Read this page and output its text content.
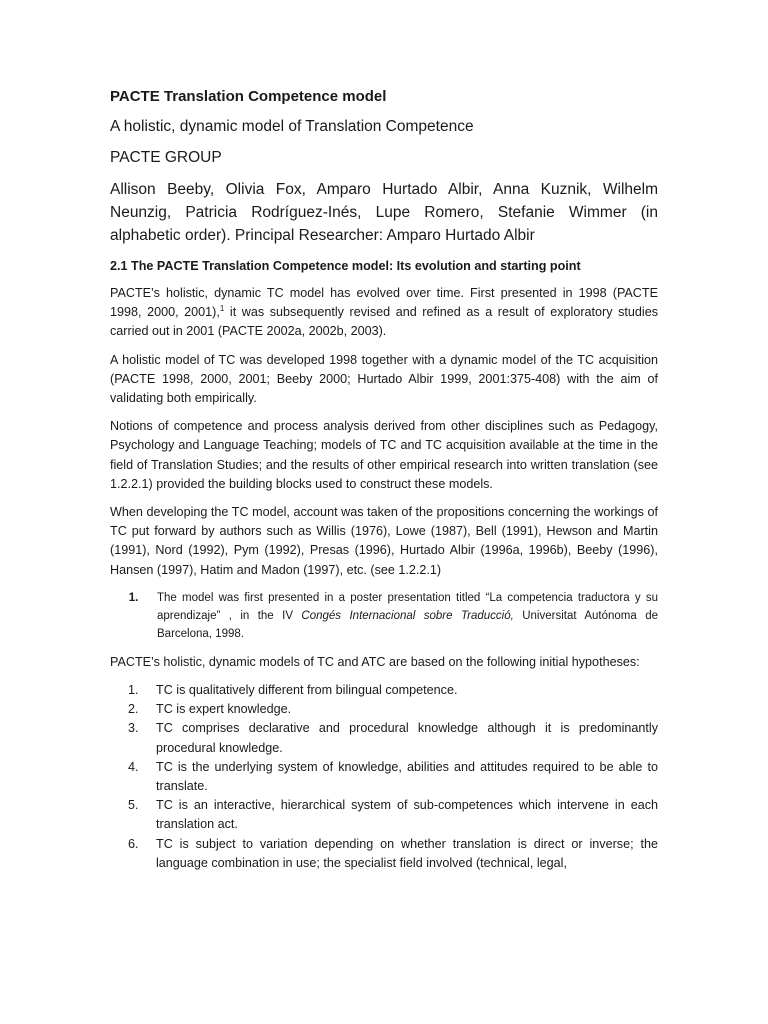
PACTE Translation Competence model

A holistic, dynamic model of Translation Competence

PACTE GROUP

Allison Beeby, Olivia Fox, Amparo Hurtado Albir, Anna Kuznik, Wilhelm Neunzig, Patricia Rodríguez-Inés, Lupe Romero, Stefanie Wimmer (in alphabetic order). Principal Researcher: Amparo Hurtado Albir

2.1 The PACTE Translation Competence model: Its evolution and starting point

PACTE’s holistic, dynamic TC model has evolved over time. First presented in 1998 (PACTE 1998, 2000, 2001),$^1$ it was subsequently revised and refined as a result of exploratory studies carried out in 2001 (PACTE 2002a, 2002b, 2003).

A holistic model of TC was developed 1998 together with a dynamic model of the TC acquisition (PACTE 1998, 2000, 2001; Beeby 2000; Hurtado Albir 1999, 2001:375-408) with the aim of validating both empirically.

Notions of competence and process analysis derived from other disciplines such as Pedagogy, Psychology and Language Teaching; models of TC and TC acquisition available at the time in the field of Translation Studies; and the results of other empirical research into written translation (see 1.2.2.1) provided the building blocks used to construct these models.

When developing the TC model, account was taken of the propositions concerning the workings of TC put forward by authors such as Willis (1976), Lowe (1987), Bell (1991), Hewson and Martin (1991), Nord (1992), Pym (1992), Presas (1996), Hurtado Albir (1996a, 1996b), Beeby (1996), Hansen (1997), Hatim and Madon (1997), etc. (see 1.2.2.1)

1.	The model was first presented in a poster presentation titled “La competencia traductora y su aprendizaje” , in the IV Congés Internacional sobre Traducció, Universitat Autónoma de Barcelona, 1998.

PACTE’s holistic, dynamic models of TC and ATC are based on the following initial hypotheses:

1.	TC is qualitatively different from bilingual competence.
2.	TC is expert knowledge.
3.	TC comprises declarative and procedural knowledge although it is predominantly procedural knowledge.
4.	TC is the underlying system of knowledge, abilities and attitudes required to be able to translate.
5.	TC is an interactive, hierarchical system of sub-competences which intervene in each translation act.
6.	TC is subject to variation depending on whether translation is direct or inverse; the language combination in use; the specialist field involved (technical, legal,
